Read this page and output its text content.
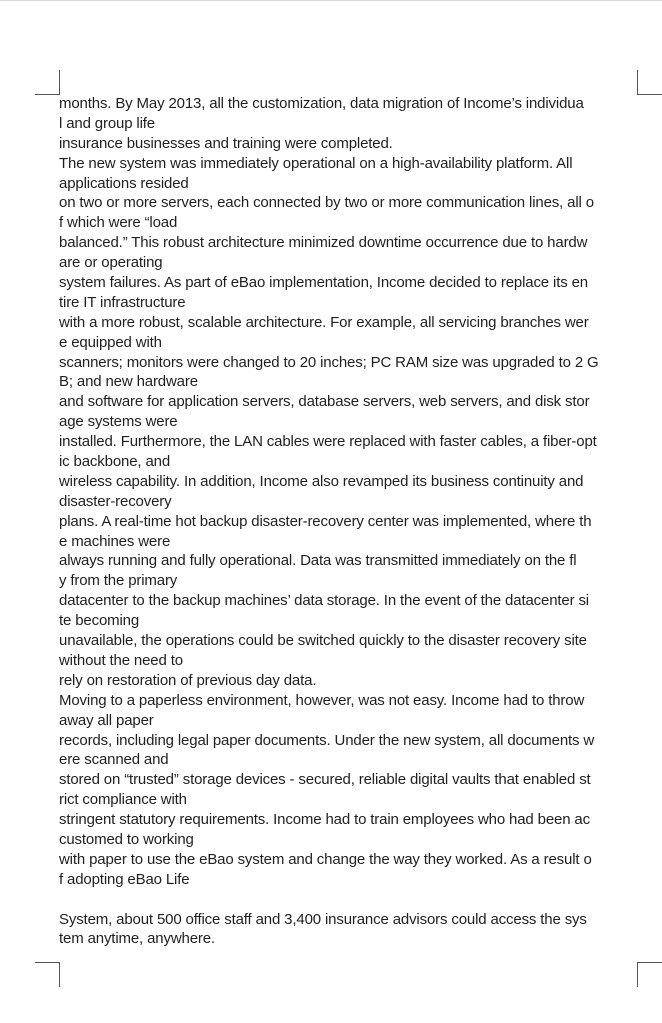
months. By May 2013, all the customization, data migration of Income’s individua
l and group life
insurance businesses and training were completed.
The new system was immediately operational on a high-availability platform. All
applications resided
on two or more servers, each connected by two or more communication lines, all o
f which were “load
balanced.” This robust architecture minimized downtime occurrence due to hardw
are or operating
system failures. As part of eBao implementation, Income decided to replace its en
tire IT infrastructure
with a more robust, scalable architecture. For example, all servicing branches wer
e equipped with
scanners; monitors were changed to 20 inches; PC RAM size was upgraded to 2 G
B; and new hardware
and software for application servers, database servers, web servers, and disk stor
age systems were
installed. Furthermore, the LAN cables were replaced with faster cables, a fiber-opt
ic backbone, and
wireless capability. In addition, Income also revamped its business continuity and
disaster-recovery
plans. A real-time hot backup disaster-recovery center was implemented, where th
e machines were
always running and fully operational. Data was transmitted immediately on the fl
y from the primary
datacenter to the backup machines’ data storage. In the event of the datacenter si
te becoming
unavailable, the operations could be switched quickly to the disaster recovery site
without the need to
rely on restoration of previous day data.
Moving to a paperless environment, however, was not easy. Income had to throw
away all paper
records, including legal paper documents. Under the new system, all documents w
ere scanned and
stored on “trusted” storage devices - secured, reliable digital vaults that enabled st
rict compliance with
stringent statutory requirements. Income had to train employees who had been ac
customed to working
with paper to use the eBao system and change the way they worked. As a result o
f adopting eBao Life
System, about 500 office staff and 3,400 insurance advisors could access the sys
tem anytime, anywhere.
